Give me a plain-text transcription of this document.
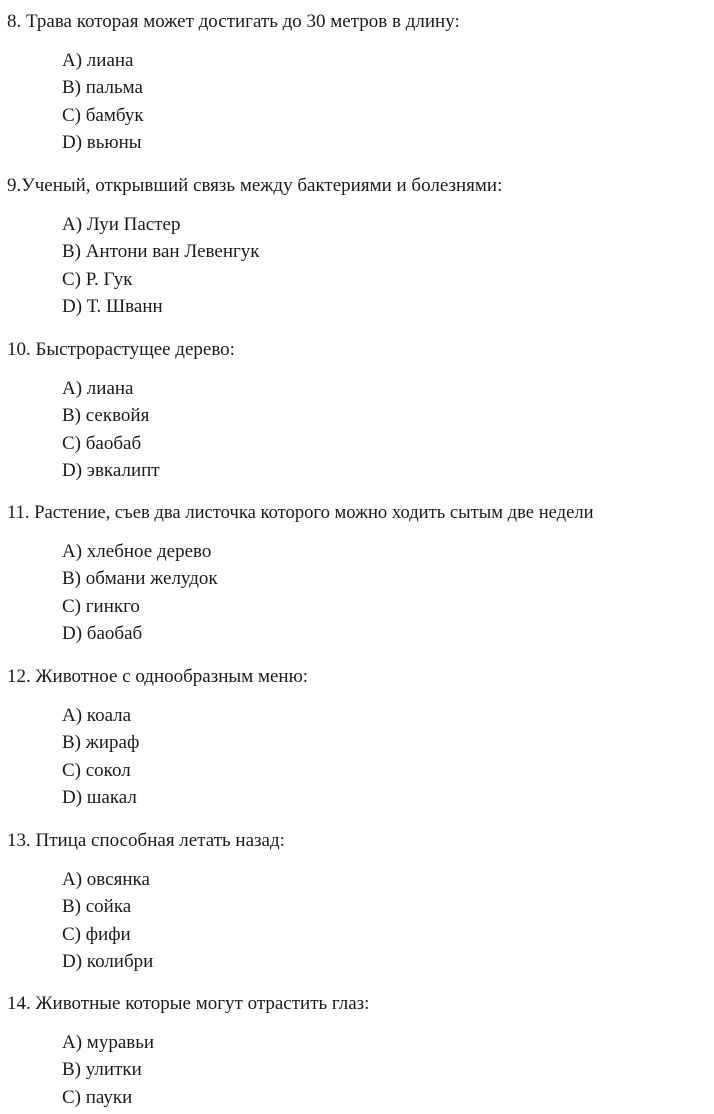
8. Трава которая может достигать до 30 метров в длину:
A) лиана
B) пальма
C) бамбук
D) вьюны
9.Ученый, открывший связь между бактериями и болезнями:
A) Луи Пастер
B) Антони ван Левенгук
C) Р. Гук
D) Т. Шванн
10. Быстрорастущее дерево:
A) лиана
B) секвойя
C) баобаб
D) эвкалипт
11. Растение, съев два листочка которого можно ходить сытым две недели
A) хлебное дерево
B) обмани желудок
C) гинкго
D) баобаб
12. Животное с однообразным меню:
A) коала
B) жираф
C) сокол
D) шакал
13. Птица способная летать назад:
A) овсянка
B) сойка
C) фифи
D) колибри
14. Животные которые могут отрастить глаз:
A) муравьи
B) улитки
C) пауки
